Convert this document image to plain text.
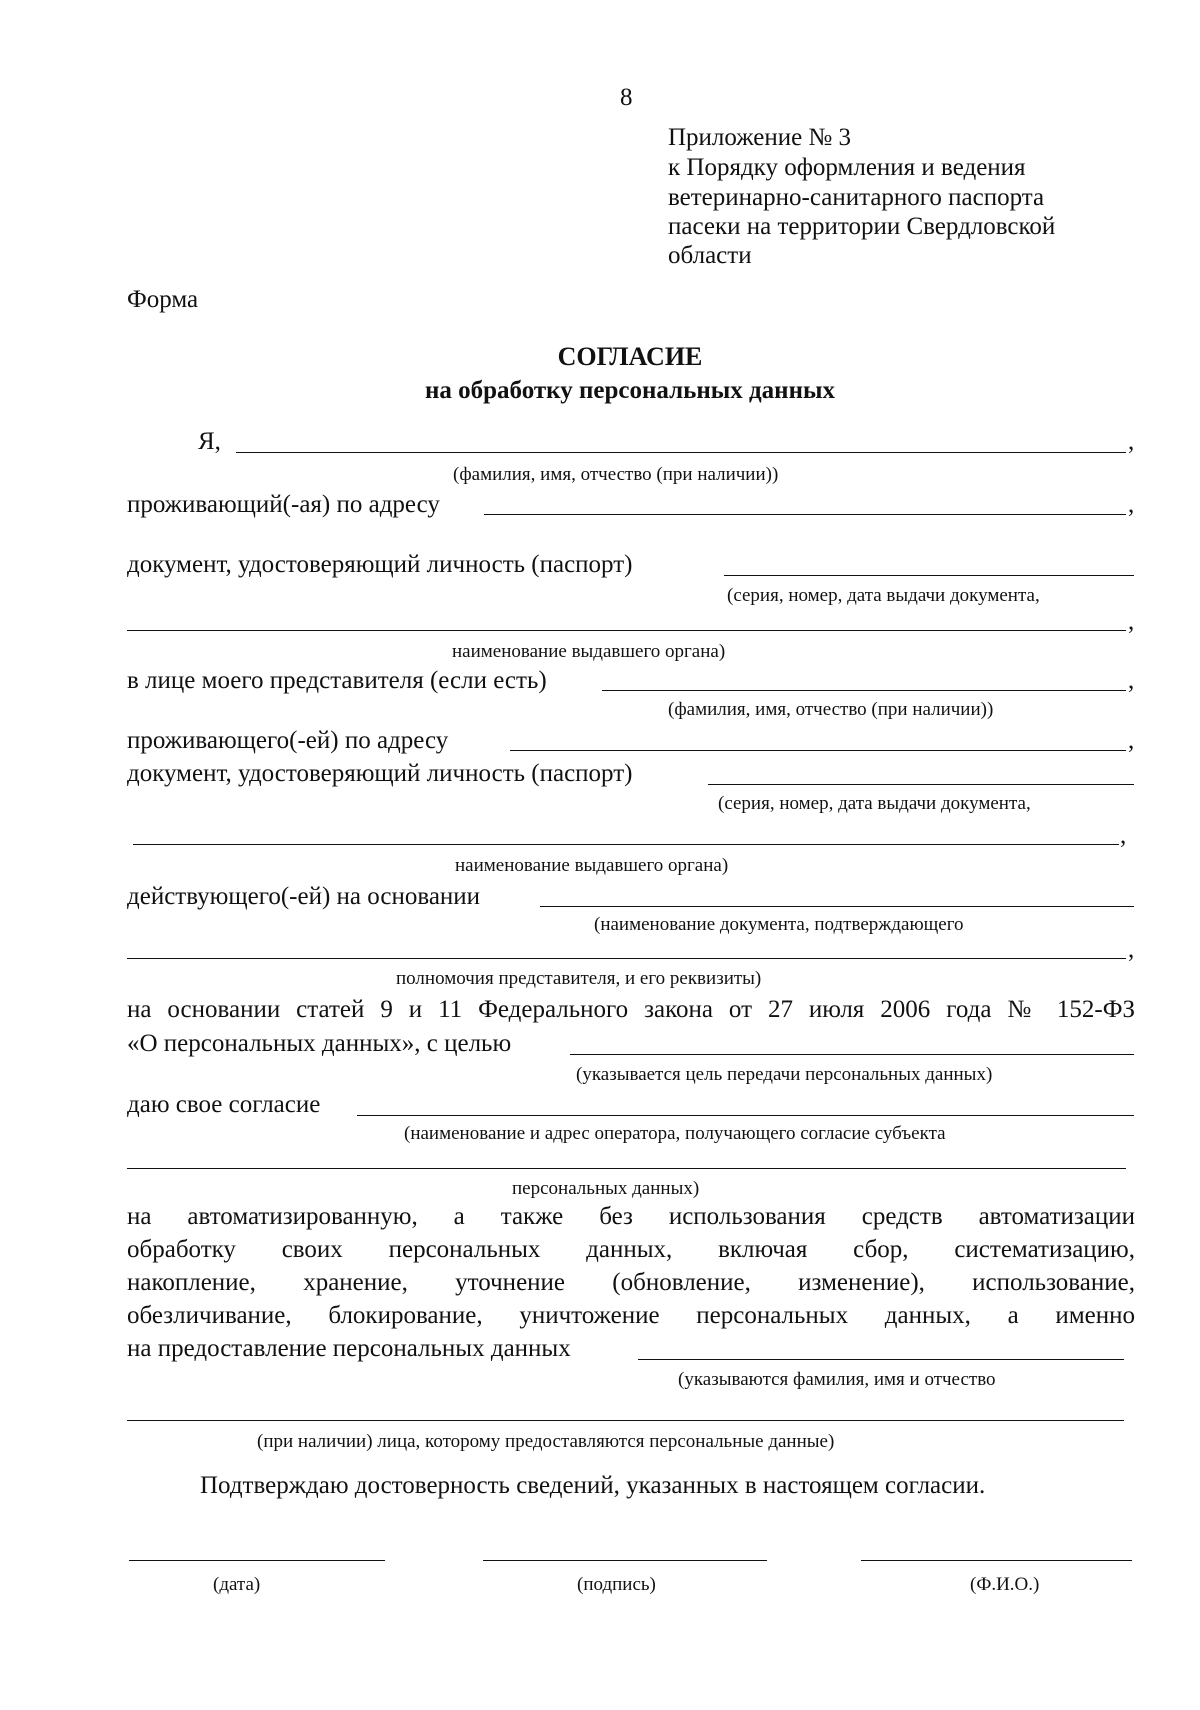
8
Приложение № 3
к Порядку оформления и ведения
ветеринарно-санитарного паспорта
пасеки на территории Свердловской
области
Форма
СОГЛАСИЕ
на обработку персональных данных
Я,	,
(фамилия, имя, отчество (при наличии))
проживающий(-ая) по адресу	,
документ, удостоверяющий личность (паспорт)
(серия, номер, дата выдачи документа,
,
наименование выдавшего органа)
в лице моего представителя (если есть)	,
(фамилия, имя, отчество (при наличии))
проживающего(-ей) по адресу	,
документ, удостоверяющий личность (паспорт)
(серия, номер, дата выдачи документа,
,
наименование выдавшего органа)
действующего(-ей) на основании
(наименование документа, подтверждающего
,
полномочия представителя, и его реквизиты)
на основании статей 9 и 11 Федерального закона от 27 июля 2006 года № 152-ФЗ
«О персональных данных», с целью
(указывается цель передачи персональных данных)
даю свое согласие
(наименование и адрес оператора, получающего согласие субъекта
персональных данных)
на автоматизированную, а также без использования средств автоматизации
обработку своих персональных данных, включая сбор, систематизацию,
накопление, хранение, уточнение (обновление, изменение), использование,
обезличивание, блокирование, уничтожение персональных данных, а именно
на предоставление персональных данных
(указываются фамилия, имя и отчество
(при наличии) лица, которому предоставляются персональные данные)
Подтверждаю достоверность сведений, указанных в настоящем согласии.
(дата)	(подпись)	(Ф.И.О.)
